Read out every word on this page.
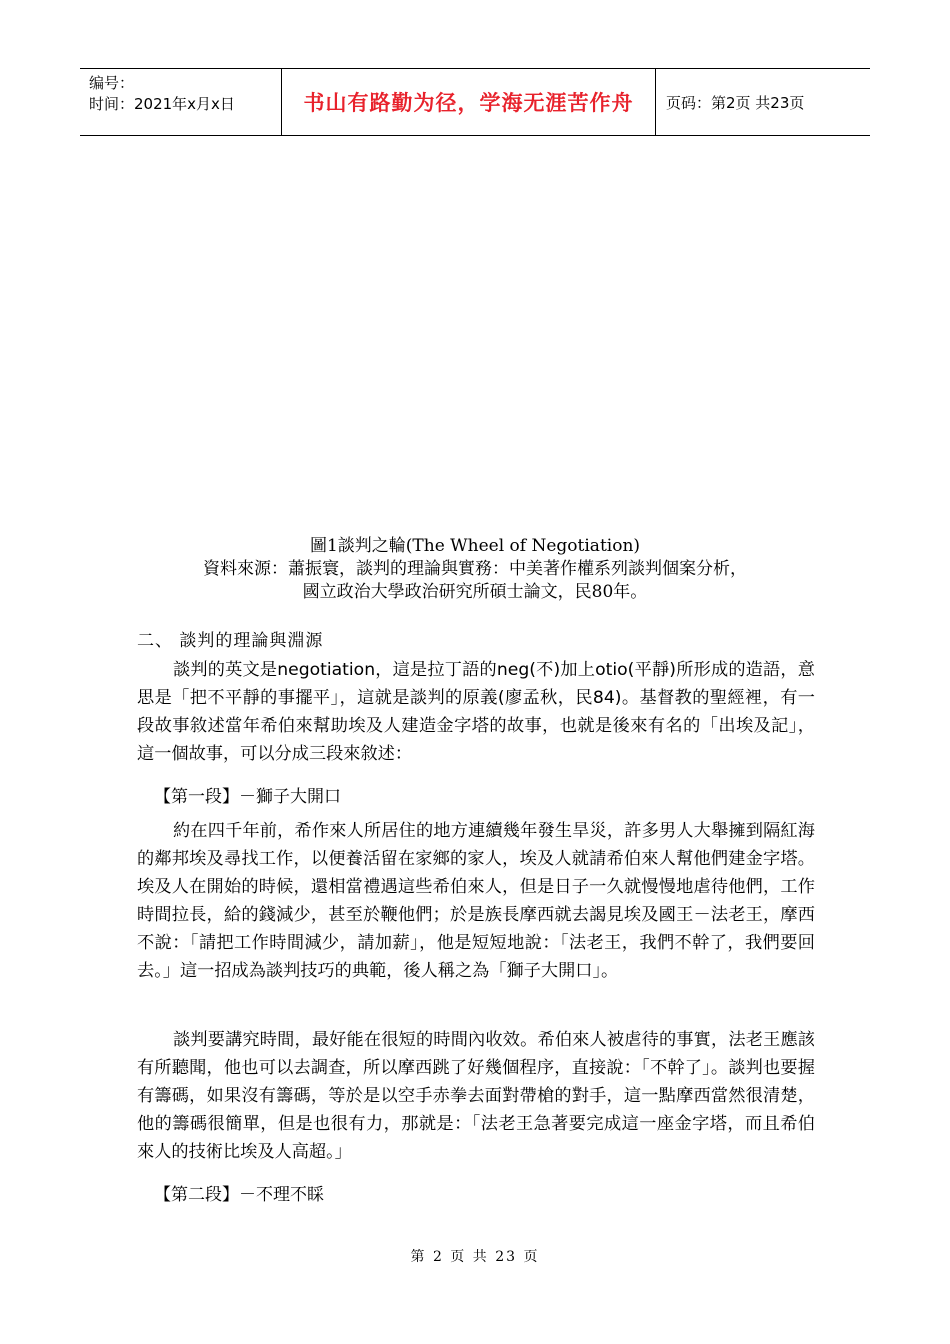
编号：
时间：2021年x月x日	书山有路勤为径，学海无涯苦作舟 页码：第2页 共23页
圖1談判之輪(The Wheel of Negotiation)
資料來源：蕭振寰，談判的理論與實務：中美著作權系列談判個案分析，
國立政治大學政治研究所碩士論文，民80年。
二、 談判的理論與淵源

談判的英文是negotiation，這是拉丁語的neg(不)加上otio(平靜)所形成的造語，意思是「把不平靜的事擺平」，這就是談判的原義(廖孟秋，民84)。基督教的聖經裡，有一段故事敘述當年希伯來幫助埃及人建造金字塔的故事，也就是後來有名的「出埃及記」，這一個故事，可以分成三段來敘述：

【第一段】－獅子大開口

約在四千年前，希作來人所居住的地方連續幾年發生旱災，許多男人大舉擁到隔紅海的鄰邦埃及尋找工作，以便養活留在家鄉的家人，埃及人就請希伯來人幫他們建金字塔。埃及人在開始的時候，還相當禮遇這些希伯來人，但是日子一久就慢慢地虐待他們，工作時間拉長，給的錢減少，甚至於鞭他們；於是族長摩西就去謁見埃及國王－法老王，摩西不說：「請把工作時間減少，請加薪」，他是短短地說：「法老王，我們不幹了，我們要回去。」這一招成為談判技巧的典範，後人稱之為「獅子大開口」。

談判要講究時間，最好能在很短的時間內收效。希伯來人被虐待的事實，法老王應該有所聽聞，他也可以去調查，所以摩西跳了好幾個程序，直接說：「不幹了」。談判也要握有籌碼，如果沒有籌碼，等於是以空手赤拳去面對帶槍的對手，這一點摩西當然很清楚，他的籌碼很簡單，但是也很有力，那就是：「法老王急著要完成這一座金字塔，而且希伯來人的技術比埃及人高超。」

【第二段】－不理不睬
第 2 页 共 23 页
